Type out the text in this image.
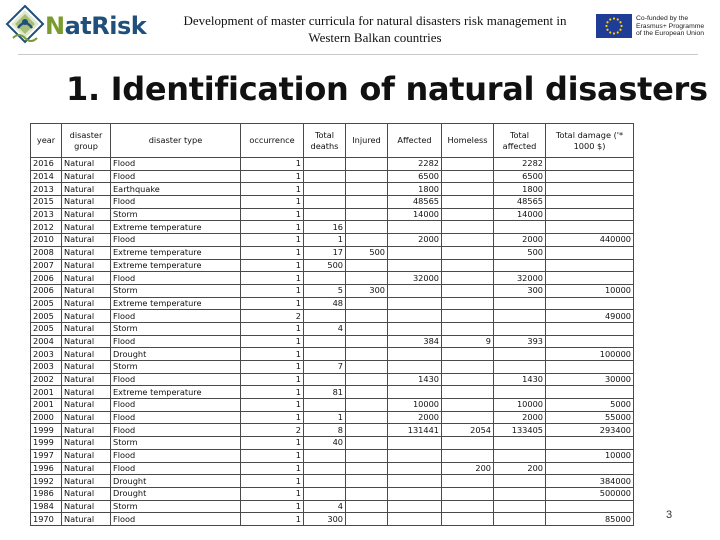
NatRisk	Development of master curricula for natural disasters risk management in
Western Balkan countries
Co-funded by the
Erasmus+ Programme
of the European Union
1. Identification of natural disasters
year	disaster group	disaster type	occurrence	Total deaths	Injured	Affected	Homeless	Total affected	Total damage ('* 1000 $)
2016	Natural	Flood	1			2282		2282	
2014	Natural	Flood	1			6500		6500	
2013	Natural	Earthquake	1			1800		1800	
2015	Natural	Flood	1			48565		48565	
2013	Natural	Storm	1			14000		14000	
2012	Natural	Extreme temperature	1	16					
2010	Natural	Flood	1	1		2000		2000	440000
2008	Natural	Extreme temperature	1	17	500			500	
2007	Natural	Extreme temperature	1	500					
2006	Natural	Flood	1			32000		32000	
2006	Natural	Storm	1	5	300			300	10000
2005	Natural	Extreme temperature	1	48					
2005	Natural	Flood	2						49000
2005	Natural	Storm	1	4					
2004	Natural	Flood	1			384	9	393	
2003	Natural	Drought	1						100000
2003	Natural	Storm	1	7					
2002	Natural	Flood	1			1430		1430	30000
2001	Natural	Extreme temperature	1	81					
2001	Natural	Flood	1			10000		10000	5000
2000	Natural	Flood	1	1		2000		2000	55000
1999	Natural	Flood	2	8		131441	2054	133405	293400
1999	Natural	Storm	1	40					
1997	Natural	Flood	1						10000
1996	Natural	Flood	1				200	200	
1992	Natural	Drought	1						384000
1986	Natural	Drought	1						500000
1984	Natural	Storm	1	4					
1970	Natural	Flood	1	300					85000	3
